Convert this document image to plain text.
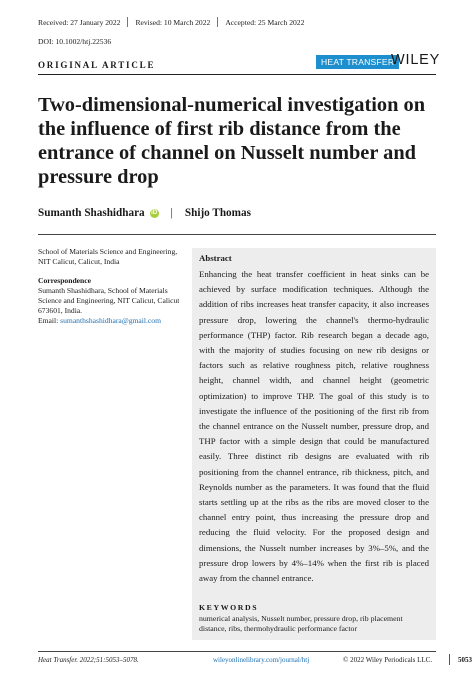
Received: 27 January 2022 Revised: 10 March 2022 Accepted: 25 March 2022
DOI: 10.1002/htj.22536
ORIGINAL ARTICLE	HEAT TRANSFER
WILEY
Two-dimensional-numerical investigation on the influence of first rib distance from the entrance of channel on Nusselt number and pressure drop
Sumanth Shashidhara iD | Shijo Thomas
School of Materials Science and Engineering, NIT Calicut, Calicut, India
Correspondence
Sumanth Shashidhara, School of Materials Science and Engineering, NIT Calicut, Calicut 673601, India.
Email: sumanthshashidhara@gmail.com
Abstract
Enhancing the heat transfer coefficient in heat sinks can be achieved by surface modification techniques. Although the addition of ribs increases heat transfer capacity, it also increases pressure drop, lowering the channel's thermo-hydraulic performance (THP) factor. Rib research began a decade ago, with the majority of studies focusing on new rib designs or factors such as relative roughness pitch, relative roughness height, channel width, and channel height (geometric optimization) to improve THP. The goal of this study is to investigate the influence of the positioning of the first rib from the channel entrance on the Nusselt number, pressure drop, and THP factor with a simple design that could be manufactured easily. Three distinct rib designs are evaluated with rib positioning from the channel entrance, rib thickness, pitch, and Reynolds number as the parameters. It was found that the fluid starts settling up at the ribs as the ribs are moved closer to the channel entry point, thus increasing the pressure drop and reducing the fluid velocity. For the proposed design and dimensions, the Nusselt number increases by 3%–5%, and the pressure drop lowers by 4%–14% when the first rib is placed away from the channel entrance.
KEYWORDS
numerical analysis, Nusselt number, pressure drop, rib placement distance, ribs, thermohydraulic performance factor
Heat Transfer. 2022;51:5053–5078.	wileyonlinelibrary.com/journal/htj	© 2022 Wiley Periodicals LLC.	5053
